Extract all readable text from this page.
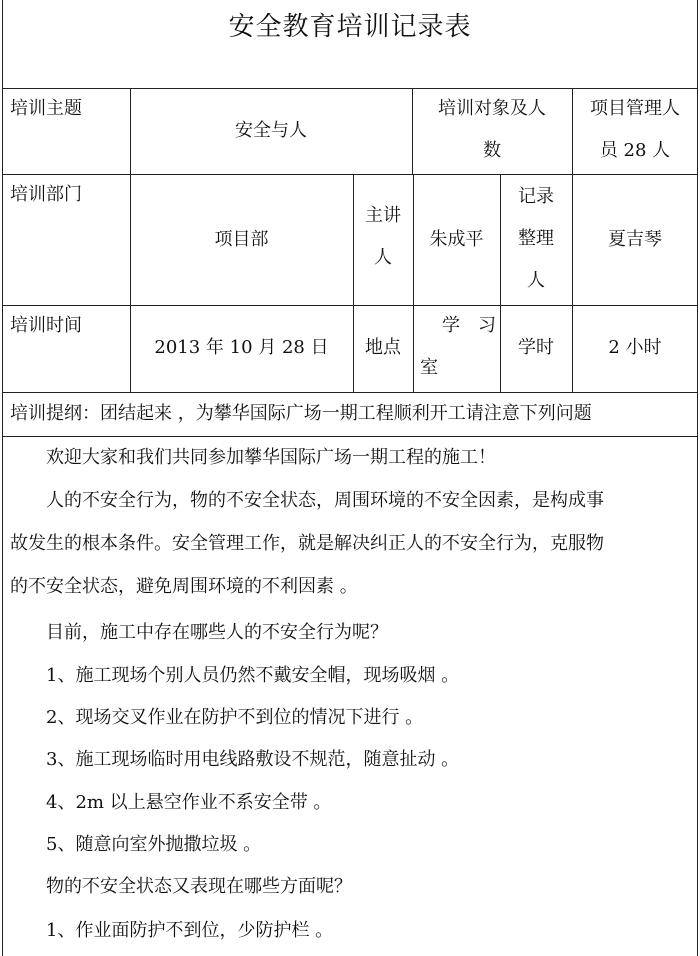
安全教育培训记录表
培训主题
安全与人
培训对象及人
数
项目管理人
员 28 人
培训部门
项目部
主讲
人
朱成平
记录
整理
人
夏吉琴
培训时间
2013 年 10 月 28 日	地点
学　习
室
学时	2 小时
培训提纲：团结起来 ，为攀华国际广场一期工程顺利开工请注意下列问题
欢迎大家和我们共同参加攀华国际广场一期工程的施工！
人的不安全行为，物的不安全状态，周围环境的不安全因素，是构成事
故发生的根本条件。安全管理工作，就是解决纠正人的不安全行为，克服物
的不安全状态，避免周围环境的不利因素 。
目前，施工中存在哪些人的不安全行为呢？
1、施工现场个别人员仍然不戴安全帽，现场吸烟 。
2、现场交叉作业在防护不到位的情况下进行 。
3、施工现场临时用电线路敷设不规范，随意扯动 。
4、2m 以上悬空作业不系安全带 。
5、随意向室外抛撒垃圾 。
物的不安全状态又表现在哪些方面呢？
1、作业面防护不到位，少防护栏 。
